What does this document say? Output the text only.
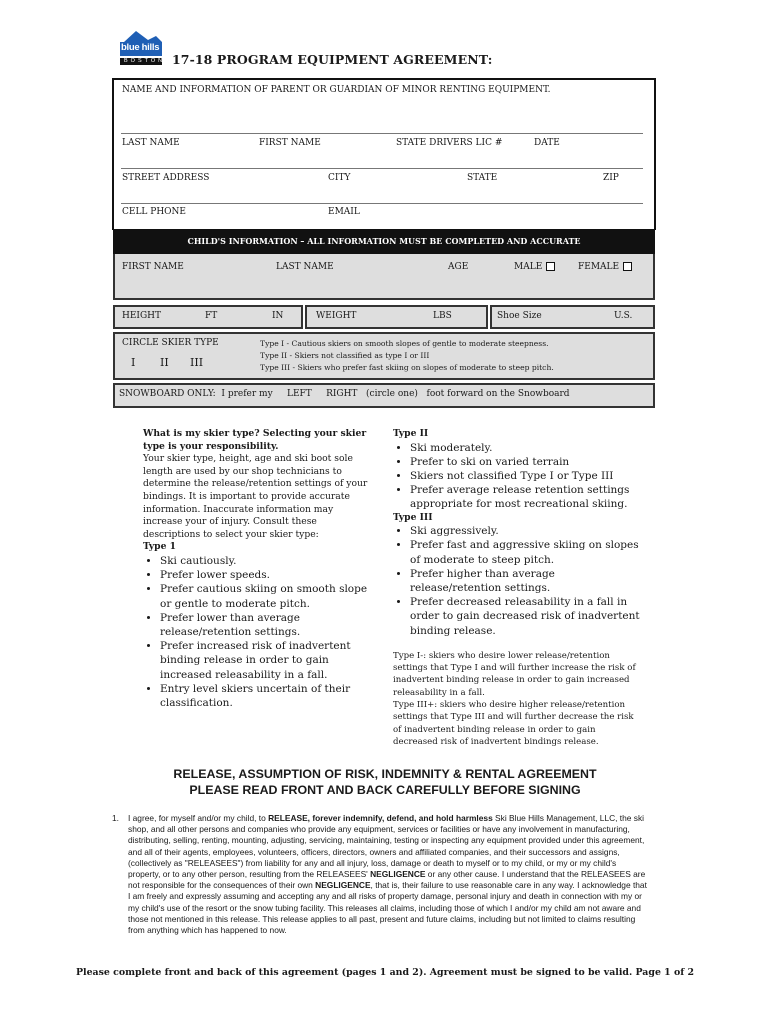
blue hills
BOSTON 17-18 PROGRAM EQUIPMENT AGREEMENT:
NAME AND INFORMATION OF PARENT OR GUARDIAN OF MINOR RENTING EQUIPMENT.
LAST NAME	FIRST NAME	STATE DRIVERS LIC #	DATE
STREET ADDRESS	CITY	STATE	ZIP
CELL PHONE	EMAIL
CHILD'S INFORMATION – ALL INFORMATION MUST BE COMPLETED AND ACCURATE
FIRST NAME	LAST NAME	AGE	MALE	FEMALE
HEIGHT	FT	IN	WEIGHT	LBS	Shoe Size	U.S.
CIRCLE SKIER TYPE
I II III
Type I - Cautious skiers on smooth slopes of gentle to moderate steepness.
Type II - Skiers not classified as type I or III
Type III - Skiers who prefer fast skiing on slopes of moderate to steep pitch.
SNOWBOARD ONLY:  I prefer my     LEFT     RIGHT   (circle one)   foot forward on the Snowboard
What is my skier type? Selecting your skier
type is your responsibility.
Your skier type, height, age and ski boot sole
length are used by our shop technicians to
determine the release/retention settings of your
bindings. It is important to provide accurate
information. Inaccurate information may
increase your of injury. Consult these
descriptions to select your skier type:
Type 1
• Ski cautiously.
• Prefer lower speeds.
• Prefer cautious skiing on smooth slope or gentle to moderate pitch.
• Prefer lower than average release/retention settings.
• Prefer increased risk of inadvertent binding release in order to gain increased releasability in a fall.
• Entry level skiers uncertain of their classification.
Type II
• Ski moderately.
• Prefer to ski on varied terrain
• Skiers not classified Type I or Type III
• Prefer average release retention settings appropriate for most recreational skiing.
Type III
• Ski aggressively.
• Prefer fast and aggressive skiing on slopes of moderate to steep pitch.
• Prefer higher than average release/retention settings.
• Prefer decreased releasability in a fall in order to gain decreased risk of inadvertent binding release.
Type I-: skiers who desire lower release/retention
settings that Type I and will further increase the risk of
inadvertent binding release in order to gain increased
releasability in a fall.
Type III+: skiers who desire higher release/retention
settings that Type III and will further decrease the risk
of inadvertent binding release in order to gain
decreased risk of inadvertent bindings release.
RELEASE, ASSUMPTION OF RISK, INDEMNITY & RENTAL AGREEMENT
PLEASE READ FRONT AND BACK CAREFULLY BEFORE SIGNING
1. I agree, for myself and/or my child, to RELEASE, forever indemnify, defend, and hold harmless Ski Blue Hills Management, LLC, the ski shop, and all other persons and companies who provide any equipment, services or facilities or have any involvement in manufacturing, distributing, selling, renting, mounting, adjusting, servicing, maintaining, testing or inspecting any equipment provided under this agreement, and all of their agents, employees, volunteers, officers, directors, owners and affiliated companies, and their successors and assigns, (collectively as "RELEASEES") from liability for any and all injury, loss, damage or death to myself or to my child, or my or my child's property, or to any other person, resulting from the RELEASEES' NEGLIGENCE or any other cause. I understand that the RELEASEES are not responsible for the consequences of their own NEGLIGENCE, that is, their failure to use reasonable care in any way. I acknowledge that I am freely and expressly assuming and accepting any and all risks of property damage, personal injury and death in connection with my or my child's use of the resort or the snow tubing facility. This releases all claims, including those of which I and/or my child am not aware and those not mentioned in this release. This release applies to all past, present and future claims, including but not limited to claims resulting from anything which has happened to now.
Please complete front and back of this agreement (pages 1 and 2). Agreement must be signed to be valid. Page 1 of 2
